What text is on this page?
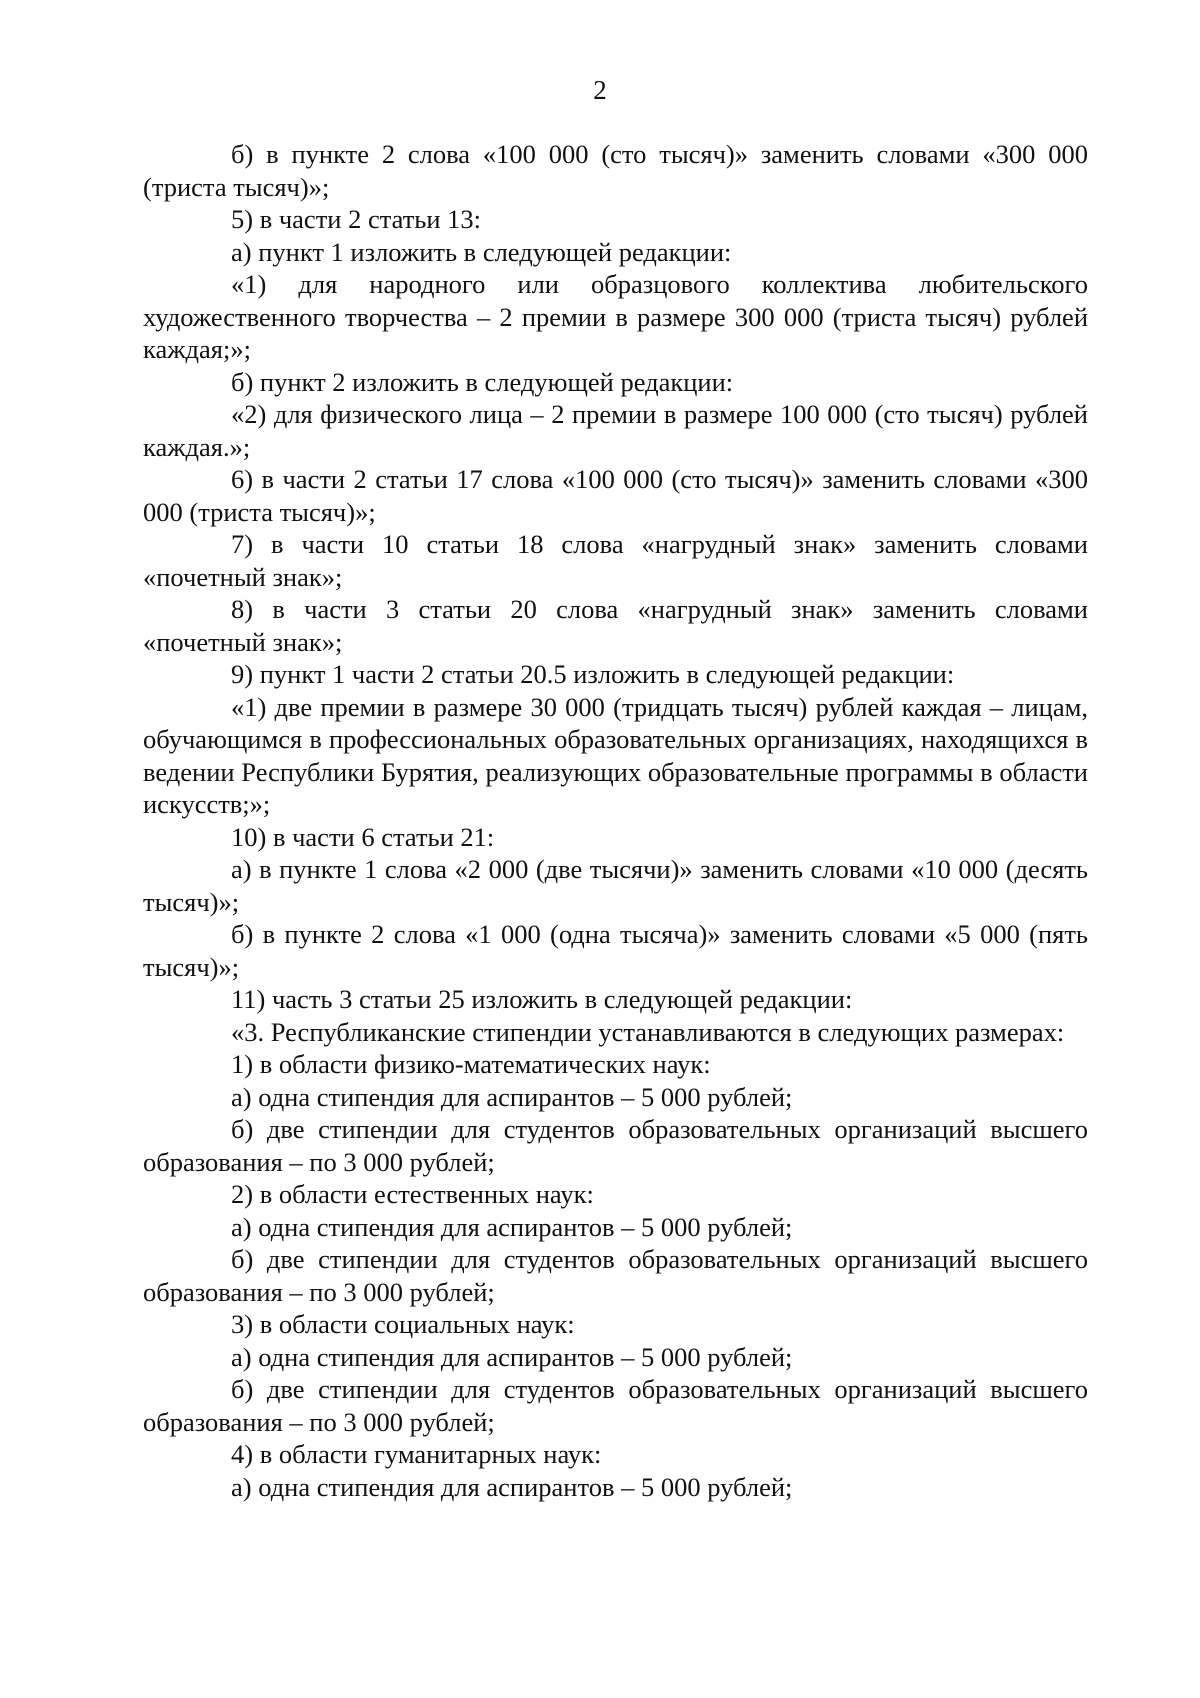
2

б) в пункте 2 слова «100 000 (сто тысяч)» заменить словами «300 000 (триста тысяч)»;

5) в части 2 статьи 13:

а) пункт 1 изложить в следующей редакции:

«1) для народного или образцового коллектива любительского художественного творчества – 2 премии в размере 300 000 (триста тысяч) рублей каждая;»;

б) пункт 2 изложить в следующей редакции:

«2) для физического лица – 2 премии в размере 100 000 (сто тысяч) рублей каждая.»;

6) в части 2 статьи 17 слова «100 000 (сто тысяч)» заменить словами «300 000 (триста тысяч)»;

7) в части 10 статьи 18 слова «нагрудный знак» заменить словами «почетный знак»;

8) в части 3 статьи 20 слова «нагрудный знак» заменить словами «почетный знак»;

9) пункт 1 части 2 статьи 20.5 изложить в следующей редакции:

«1) две премии в размере 30 000 (тридцать тысяч) рублей каждая – лицам, обучающимся в профессиональных образовательных организациях, находящихся в ведении Республики Бурятия, реализующих образовательные программы в области искусств;»;

10) в части 6 статьи 21:

а) в пункте 1 слова «2 000 (две тысячи)» заменить словами «10 000 (десять тысяч)»;

б) в пункте 2 слова «1 000 (одна тысяча)» заменить словами «5 000 (пять тысяч)»;

11) часть 3 статьи 25 изложить в следующей редакции:

«3. Республиканские стипендии устанавливаются в следующих размерах:

1) в области физико-математических наук:

а) одна стипендия для аспирантов – 5 000 рублей;

б) две стипендии для студентов образовательных организаций высшего образования – по 3 000 рублей;

2) в области естественных наук:

а) одна стипендия для аспирантов – 5 000 рублей;

б) две стипендии для студентов образовательных организаций высшего образования – по 3 000 рублей;

3) в области социальных наук:

а) одна стипендия для аспирантов – 5 000 рублей;

б) две стипендии для студентов образовательных организаций высшего образования – по 3 000 рублей;

4) в области гуманитарных наук:

а) одна стипендия для аспирантов – 5 000 рублей;
